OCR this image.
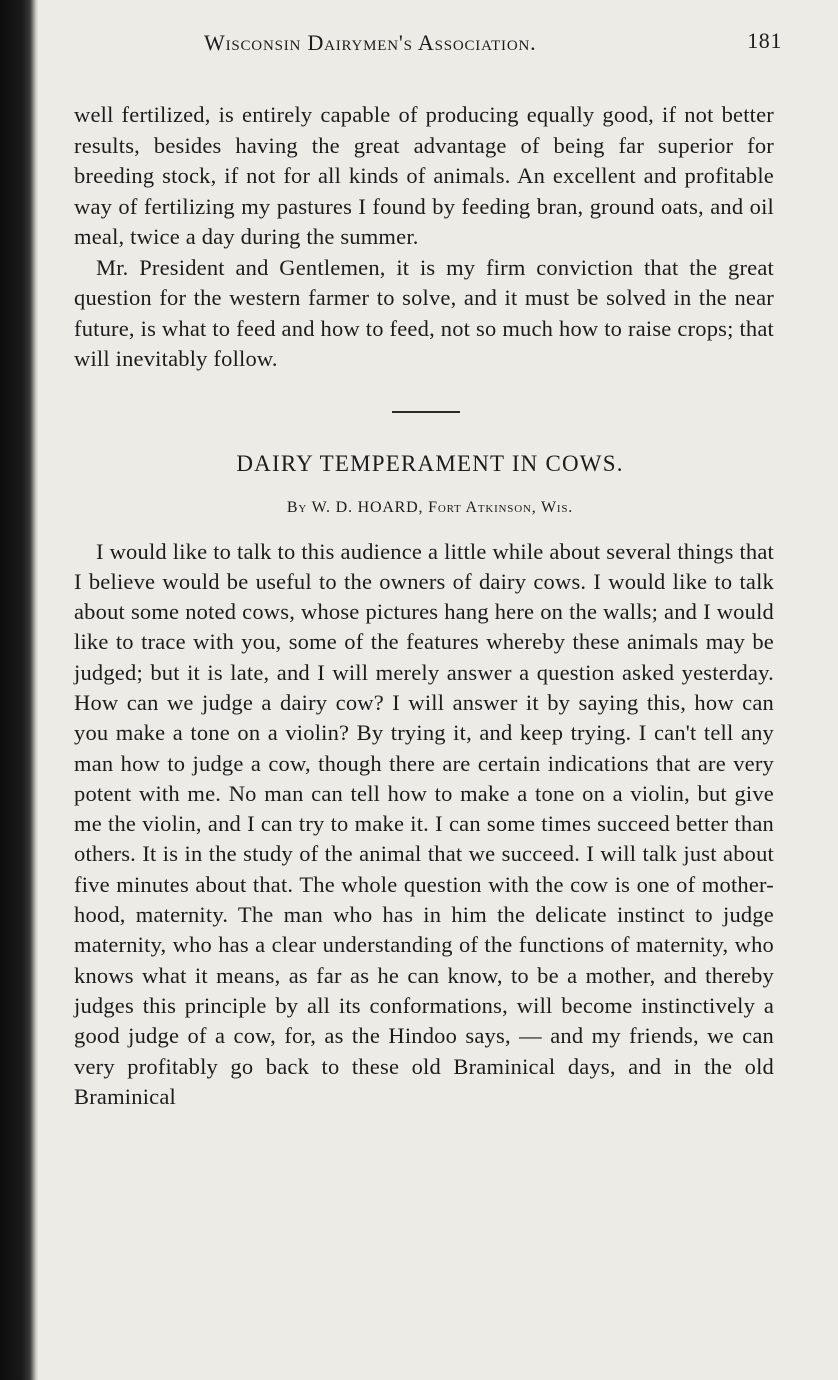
Wisconsin Dairymen's Association.	181

well fertilized, is entirely capable of producing equally good, if not better results, besides having the great advantage of being far superior for breeding stock, if not for all kinds of animals. An excellent and profitable way of fertilizing my pastures I found by feeding bran, ground oats, and oil meal, twice a day during the summer.

Mr. President and Gentlemen, it is my firm conviction that the great question for the western farmer to solve, and it must be solved in the near future, is what to feed and how to feed, not so much how to raise crops; that will inevitably follow.

DAIRY TEMPERAMENT IN COWS.
By W. D. HOARD, Fort Atkinson, Wis.

I would like to talk to this audience a little while about several things that I believe would be useful to the owners of dairy cows. I would like to talk about some noted cows, whose pictures hang here on the walls; and I would like to trace with you, some of the features whereby these animals may be judged; but it is late, and I will merely answer a question asked yesterday. How can we judge a dairy cow? I will answer it by saying this, how can you make a tone on a violin? By trying it, and keep trying. I can't tell any man how to judge a cow, though there are certain indications that are very potent with me. No man can tell how to make a tone on a violin, but give me the violin, and I can try to make it. I can some times succeed better than others. It is in the study of the animal that we succeed. I will talk just about five minutes about that. The whole question with the cow is one of mother-hood, maternity. The man who has in him the delicate instinct to judge maternity, who has a clear understanding of the functions of maternity, who knows what it means, as far as he can know, to be a mother, and thereby judges this principle by all its conformations, will become instinctively a good judge of a cow, for, as the Hindoo says, — and my friends, we can very profitably go back to these old Braminical days, and in the old Braminical
